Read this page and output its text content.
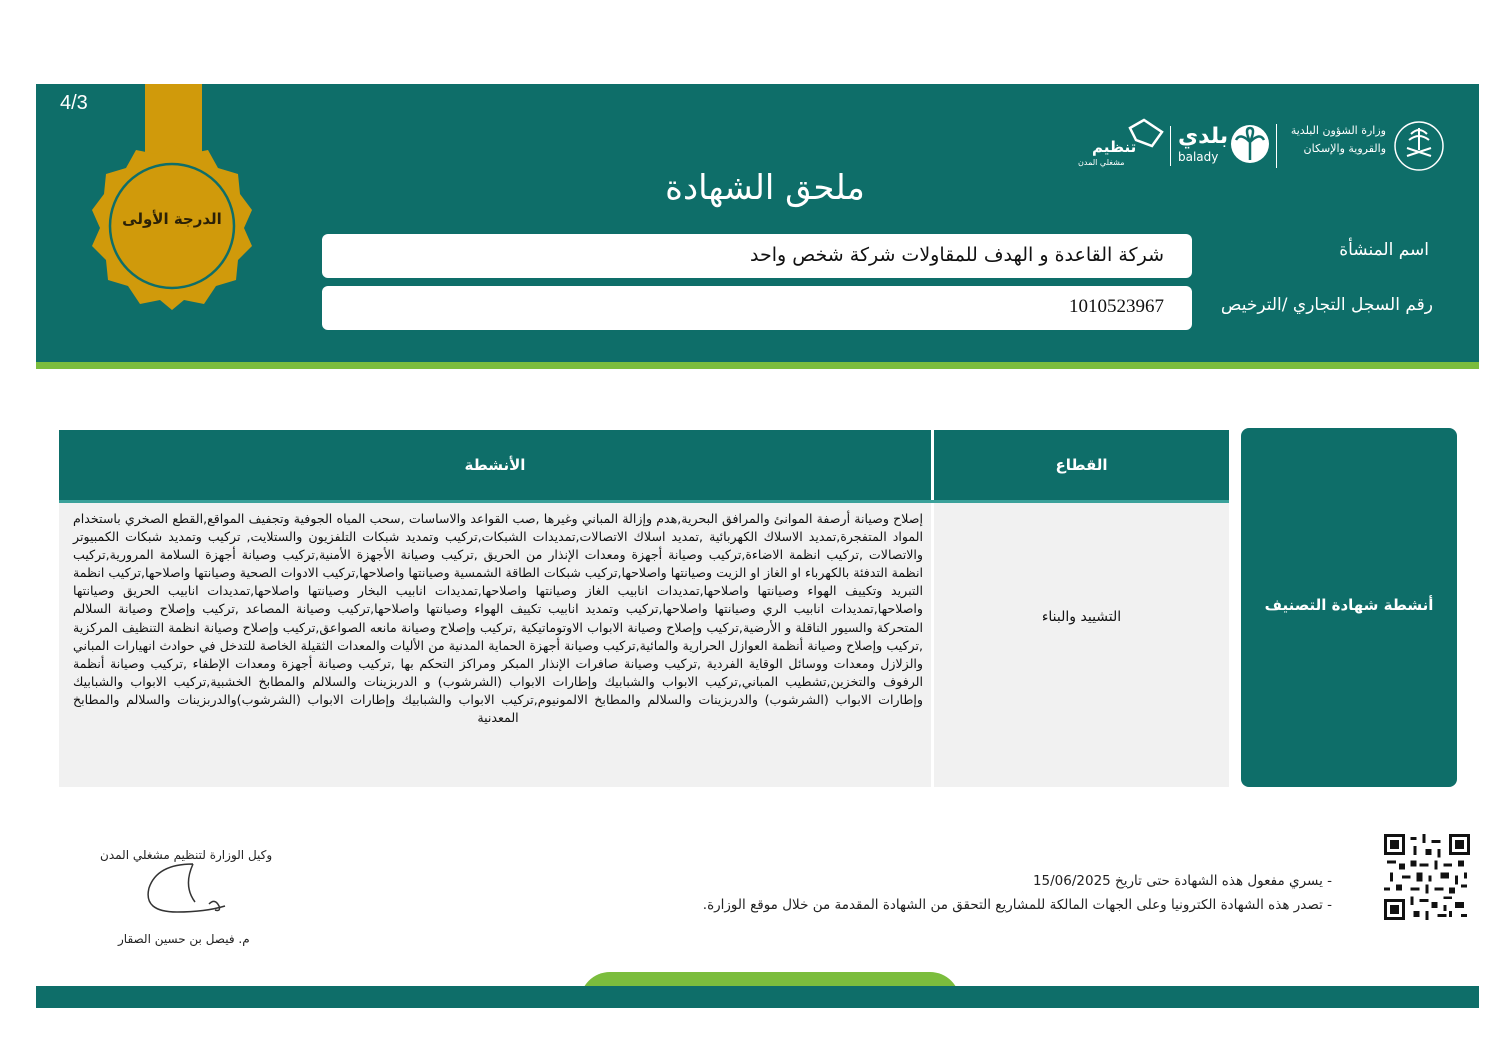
4/3
الدرجة الأولى
وزارة الشؤون البلدية
والقروية والإسكان
بلدي
balady
تنظيم
مشغلي المدن
ملحق الشهادة
اسم المنشأة
شركة القاعدة و الهدف للمقاولات شركة شخص واحد
رقم السجل التجاري /الترخيص
1010523967
أنشطة شهادة التصنيف
الأنشطة	القطاع
إصلاح وصيانة أرصفة الموانئ والمرافق البحرية,هدم وإزالة المباني وغيرها ,صب القواعد والاساسات ,سحب المياه الجوفية وتجفيف المواقع,القطع الصخري باستخدام المواد المتفجرة,تمديد الاسلاك الكهربائية ,تمديد اسلاك الاتصالات,تمديدات الشبكات,تركيب وتمديد شبكات التلفزيون والستلايت, تركيب وتمديد شبكات الكمبيوتر والاتصالات ,تركيب انظمة الاضاءة,تركيب وصيانة أجهزة ومعدات الإنذار من الحريق ,تركيب وصيانة الأجهزة الأمنية,تركيب وصيانة أجهزة السلامة المرورية,تركيب انظمة التدفئة بالكهرباء او الغاز او الزيت وصيانتها واصلاحها,تركيب شبكات الطاقة الشمسية وصيانتها واصلاحها,تركيب الادوات الصحية وصيانتها واصلاحها,تركيب انظمة التبريد وتكييف الهواء وصيانتها واصلاحها,تمديدات انابيب الغاز وصيانتها واصلاحها,تمديدات انابيب البخار وصيانتها واصلاحها,تمديدات انابيب الحريق وصيانتها واصلاحها,تمديدات انابيب الري وصيانتها واصلاحها,تركيب وتمديد انابيب تكييف الهواء وصيانتها واصلاحها,تركيب وصيانة المصاعد ,تركيب وإصلاح وصيانة السلالم المتحركة والسيور الناقلة و الأرضية,تركيب وإصلاح وصيانة الابواب الاوتوماتيكية ,تركيب وإصلاح وصيانة مانعه الصواعق,تركيب وإصلاح وصيانة انظمة التنظيف المركزية ,تركيب وإصلاح وصيانة أنظمة العوازل الحرارية والمائية,تركيب وصيانة أجهزة الحماية المدنية من الأليات والمعدات الثقيلة الخاصة للتدخل في حوادث انهيارات المباني والزلازل ومعدات ووسائل الوقاية الفردية ,تركيب وصيانة صافرات الإنذار المبكر ومراكز التحكم بها ,تركيب وصيانة أجهزة ومعدات الإطفاء ,تركيب وصيانة أنظمة الرفوف والتخزين,تشطيب المباني,تركيب الابواب والشبابيك وإطارات الابواب (الشرشوب) و الدربزينات والسلالم والمطابخ الخشبية,تركيب الابواب والشبابيك وإطارات الابواب (الشرشوب) والدربزينات والسلالم والمطابخ الالمونيوم,تركيب الابواب والشبابيك وإطارات الابواب (الشرشوب)والدربزينات والسلالم والمطابخ المعدنية
التشييد والبناء
- يسري مفعول هذه الشهادة حتى تاريخ 15/06/2025
- تصدر هذه الشهادة الكترونيا وعلى الجهات المالكة للمشاريع التحقق من الشهادة المقدمة من خلال موقع الوزارة.
وكيل الوزارة لتنظيم مشغلي المدن
م. فيصل بن حسين الصقار
